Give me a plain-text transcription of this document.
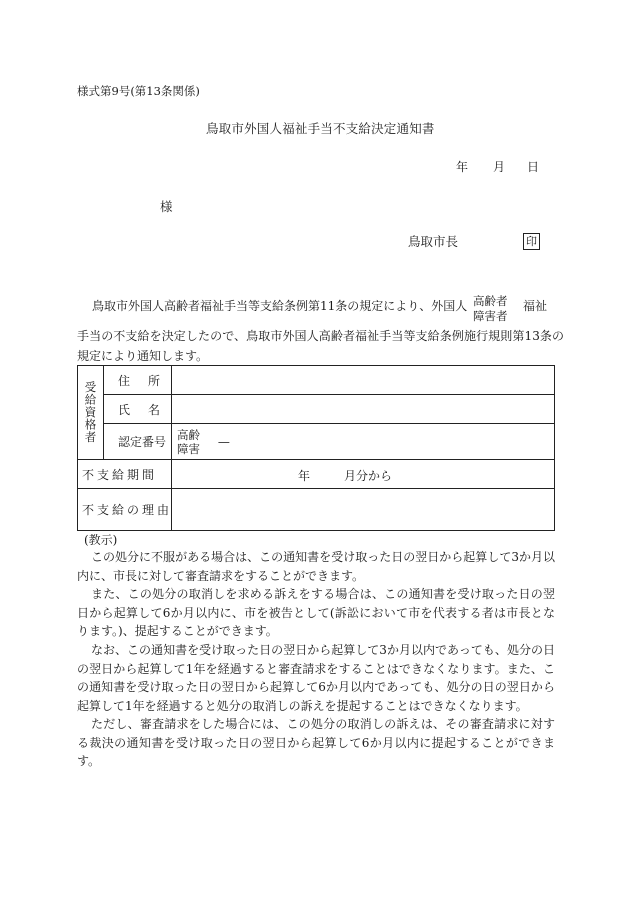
様式第9号(第13条関係)
鳥取市外国人福祉手当不支給決定通知書
年 月 日
様
鳥取市長	印
鳥取市外国人高齢者福祉手当等支給条例第11条の規定により、外国人 高齢者
障害者
福祉
手当の不支給を決定したので、鳥取市外国人高齢者福祉手当等支給条例施行規則第13条の
規定により通知します。
受給資格者	住　所	
	氏　名	
	認定番号	高齢
障害 —
不支給期間		年 月分から

不支給の理由		
(教示)

この処分に不服がある場合は、この通知書を受け取った日の翌日から起算して3か月以内に、市長に対して審査請求をすることができます。

また、この処分の取消しを求める訴えをする場合は、この通知書を受け取った日の翌日から起算して6か月以内に、市を被告として(訴訟において市を代表する者は市長となります。)、提起することができます。

なお、この通知書を受け取った日の翌日から起算して3か月以内であっても、処分の日の翌日から起算して1年を経過すると審査請求をすることはできなくなります。また、この通知書を受け取った日の翌日から起算して6か月以内であっても、処分の日の翌日から起算して1年を経過すると処分の取消しの訴えを提起することはできなくなります。

ただし、審査請求をした場合には、この処分の取消しの訴えは、その審査請求に対する裁決の通知書を受け取った日の翌日から起算して6か月以内に提起することができます。
